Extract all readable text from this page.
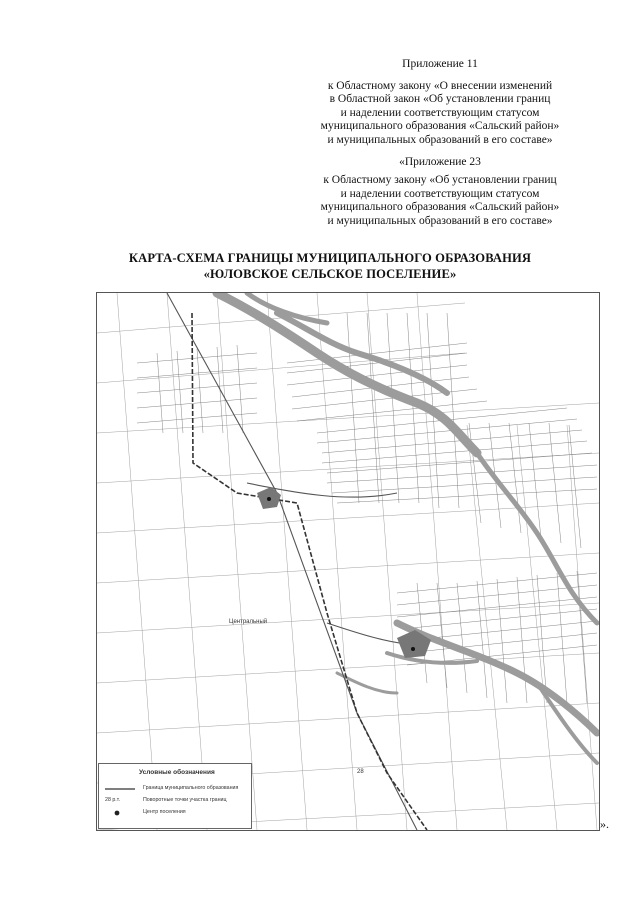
Приложение 11

к Областному закону «О внесении изменений

в Областной закон «Об установлении границ

и наделении соответствующим статусом

муниципального образования «Сальский район»

и муниципальных образований в его составе»

«Приложение 23

к Областному закону «Об установлении границ

и наделении соответствующим статусом

муниципального образования «Сальский район»

и муниципальных образований в его составе»

КАРТА-СХЕМА ГРАНИЦЫ МУНИЦИПАЛЬНОГО ОБРАЗОВАНИЯ
«ЮЛОВСКОЕ СЕЛЬСКОЕ ПОСЕЛЕНИЕ»
Центральный
28
Условные обозначения
Граница муниципального образования
28 р.т.	Поворотные точки участка границ
Центр поселения
».
